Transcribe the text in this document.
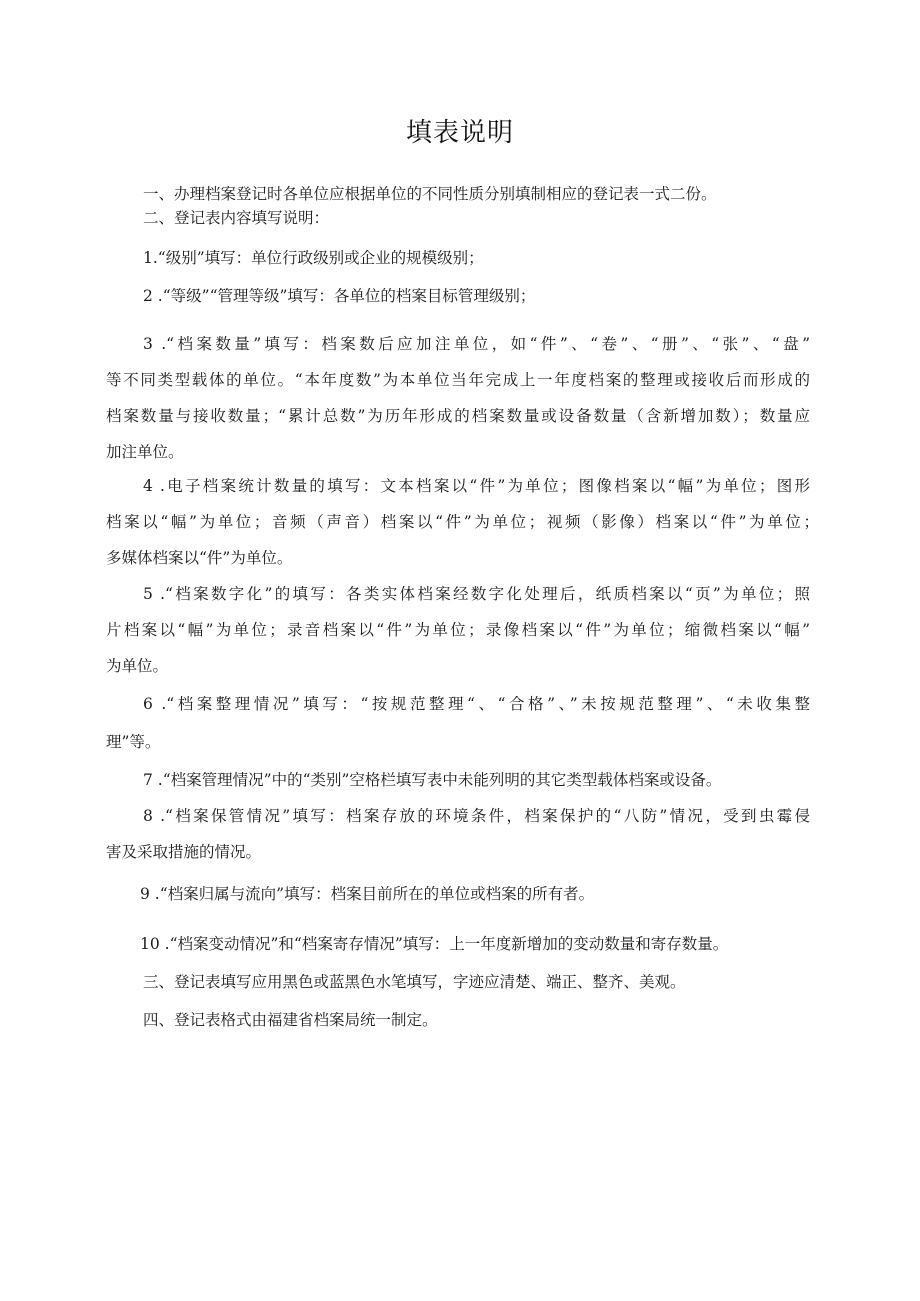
填表说明
一、办理档案登记时各单位应根据单位的不同性质分别填制相应的登记表一式二份。
二、登记表内容填写说明：
1.“级别”填写：单位行政级别或企业的规模级别；
2 .“等级”“管理等级”填写：各单位的档案目标管理级别；
3 .“档案数量”填写：档案数后应加注单位，如“件”、“卷”、“册”、“张”、“盘”
等不同类型载体的单位。“本年度数”为本单位当年完成上一年度档案的整理或接收后而形成的
档案数量与接收数量；“累计总数”为历年形成的档案数量或设备数量（含新增加数）；数量应
加注单位。
4 .电子档案统计数量的填写：文本档案以“件”为单位；图像档案以“幅”为单位；图形
档案以“幅”为单位；音频（声音）档案以“件”为单位；视频（影像）档案以“件”为单位；
多媒体档案以“件”为单位。
5 .“档案数字化”的填写：各类实体档案经数字化处理后，纸质档案以“页”为单位；照
片档案以“幅”为单位；录音档案以“件”为单位；录像档案以“件”为单位；缩微档案以“幅”
为单位。
6 .“档案整理情况”填写：“按规范整理“、“合格”、”未按规范整理”、“未收集整
理”等。
7 .“档案管理情况”中的“类别”空格栏填写表中未能列明的其它类型载体档案或设备。
8 .“档案保管情况”填写：档案存放的环境条件，档案保护的“八防”情况，受到虫霉侵
害及采取措施的情况。
9 .“档案归属与流向”填写：档案目前所在的单位或档案的所有者。
10 .“档案变动情况”和“档案寄存情况”填写：上一年度新增加的变动数量和寄存数量。
三、登记表填写应用黑色或蓝黑色水笔填写，字迹应清楚、端正、整齐、美观。
四、登记表格式由福建省档案局统一制定。
